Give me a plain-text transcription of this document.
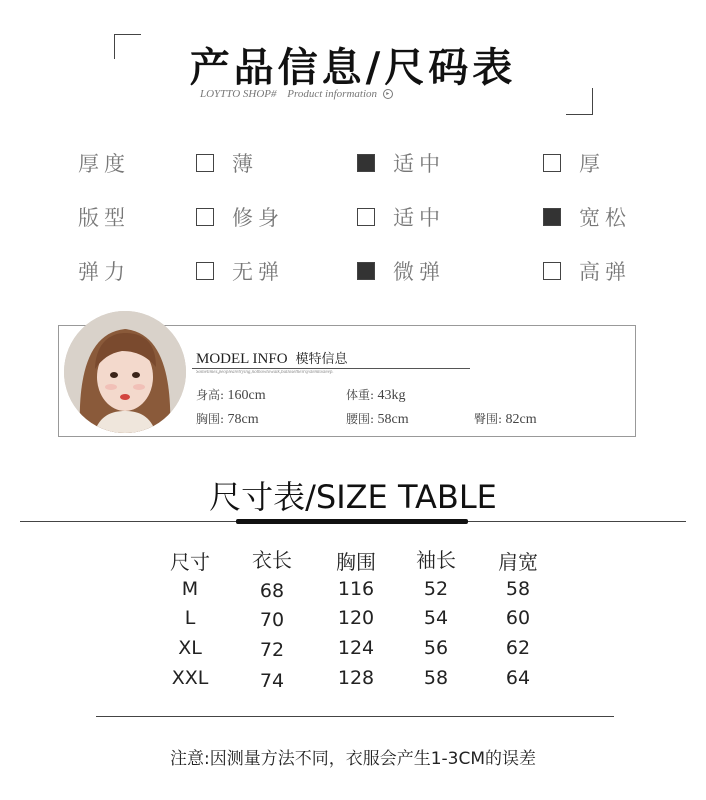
产品信息/尺码表
LOYTTO SHOP# Product information ▸
厚度	薄	适中	厚
版型	修身	适中	宽松
弹力	无弹	微弹	高弹
MODEL INFO 模特信息
Sometimes,peoplearetrying,nothowtowalk,butlosetheirsystemtosleep.
身高: 160cm	体重: 43kg
胸围: 78cm	腰围: 58cm	臀围: 82cm
尺寸表/SIZE TABLE
尺寸	衣长	胸围	袖长	肩宽
M	68	116	52	58
L	70	120	54	60
XL	72	124	56	62
XXL	74	128	58	64
注意:因测量方法不同，衣服会产生1-3CM的误差
